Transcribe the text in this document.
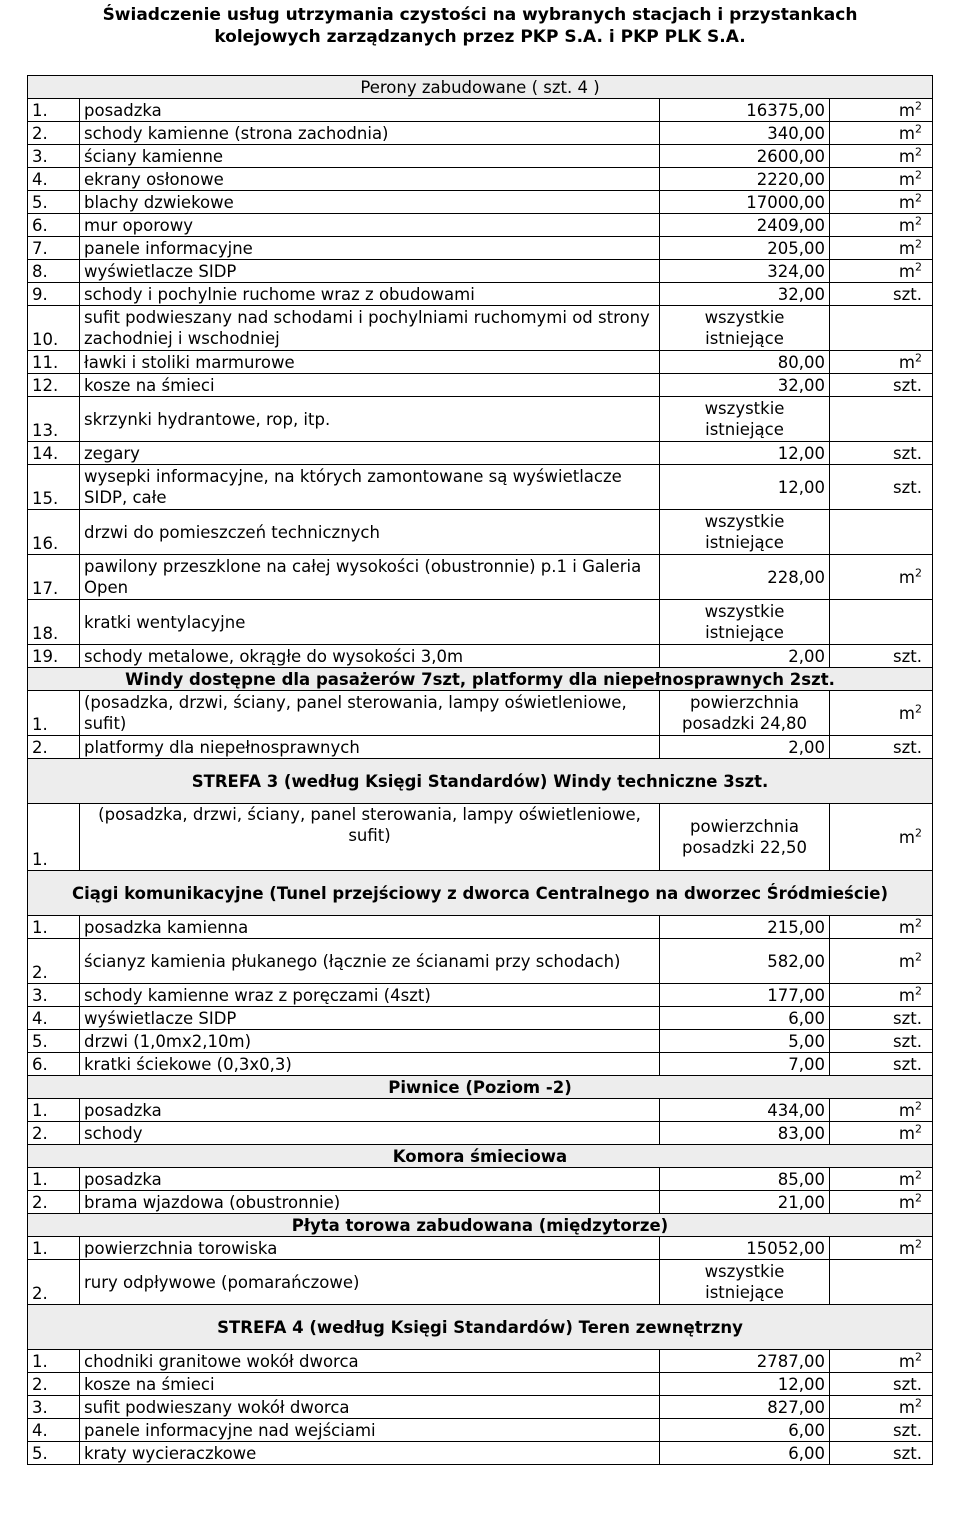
Świadczenie usług utrzymania czystości na wybranych stacjach i przystankach
kolejowych zarządzanych przez PKP S.A. i PKP PLK S.A.
Perony zabudowane ( szt. 4 )			
1.	posadzka	16375,00	$m^2$
2.	schody kamienne (strona zachodnia)	340,00	$m^2$
3.	ściany kamienne	2600,00	$m^2$
4.	ekrany osłonowe	2220,00	$m^2$
5.	blachy dzwiekowe	17000,00	$m^2$
6.	mur oporowy	2409,00	$m^2$
7.	panele informacyjne	205,00	$m^2$
8.	wyświetlacze SIDP	324,00	$m^2$
9.	schody i pochylnie ruchome wraz z obudowami	32,00	szt.
10.	sufit podwieszany nad schodami i pochylniami ruchomymi od strony zachodniej i wschodniej	wszystkie istniejące	
11.	ławki i stoliki marmurowe	80,00	$m^2$
12.	kosze na śmieci	32,00	szt.
13.	skrzynki hydrantowe, rop, itp.	wszystkie istniejące	
14.	zegary	12,00	szt.
15.	wysepki informacyjne, na których zamontowane są wyświetlacze SIDP, całe	12,00	szt.
16.	drzwi do pomieszczeń technicznych	wszystkie istniejące	
17.	pawilony przeszklone na całej wysokości (obustronnie) p.1 i Galeria Open	228,00	$m^2$
18.	kratki wentylacyjne	wszystkie istniejące	
19.	schody metalowe, okrągłe do wysokości 3,0m	2,00	szt.
Windy dostępne dla pasażerów 7szt, platformy dla niepełnosprawnych 2szt.			
1.	(posadzka, drzwi, ściany, panel sterowania, lampy oświetleniowe, sufit)	powierzchnia posadzki 24,80	$m^2$
2.	platformy dla niepełnosprawnych	2,00	szt.
STREFA 3 (według Księgi Standardów) Windy techniczne 3szt.			
1.	(posadzka, drzwi, ściany, panel sterowania, lampy oświetleniowe, sufit)	powierzchnia posadzki 22,50	$m^2$
Ciągi komunikacyjne (Tunel przejściowy z dworca Centralnego na dworzec Śródmieście)			
1.	posadzka kamienna	215,00	$m^2$
2.	ścianyz kamienia płukanego (łącznie ze ścianami przy schodach)	582,00	$m^2$
3.	schody kamienne wraz z poręczami (4szt)	177,00	$m^2$
4.	wyświetlacze SIDP	6,00	szt.
5.	drzwi (1,0mx2,10m)	5,00	szt.
6.	kratki ściekowe (0,3x0,3)	7,00	szt.
Piwnice (Poziom -2)			
1.	posadzka	434,00	$m^2$
2.	schody	83,00	$m^2$
Komora śmieciowa			
1.	posadzka	85,00	$m^2$
2.	brama wjazdowa (obustronnie)	21,00	$m^2$
Płyta torowa zabudowana (międzytorze)			
1.	powierzchnia torowiska	15052,00	$m^2$
2.	rury odpływowe (pomarańczowe)	wszystkie istniejące	
STREFA 4 (według Księgi Standardów) Teren zewnętrzny			
1.	chodniki granitowe wokół dworca	2787,00	$m^2$
2.	kosze na śmieci	12,00	szt.
3.	sufit podwieszany wokół dworca	827,00	$m^2$
4.	panele informacyjne nad wejściami	6,00	szt.
5.	kraty wycieraczkowe	6,00	szt.
